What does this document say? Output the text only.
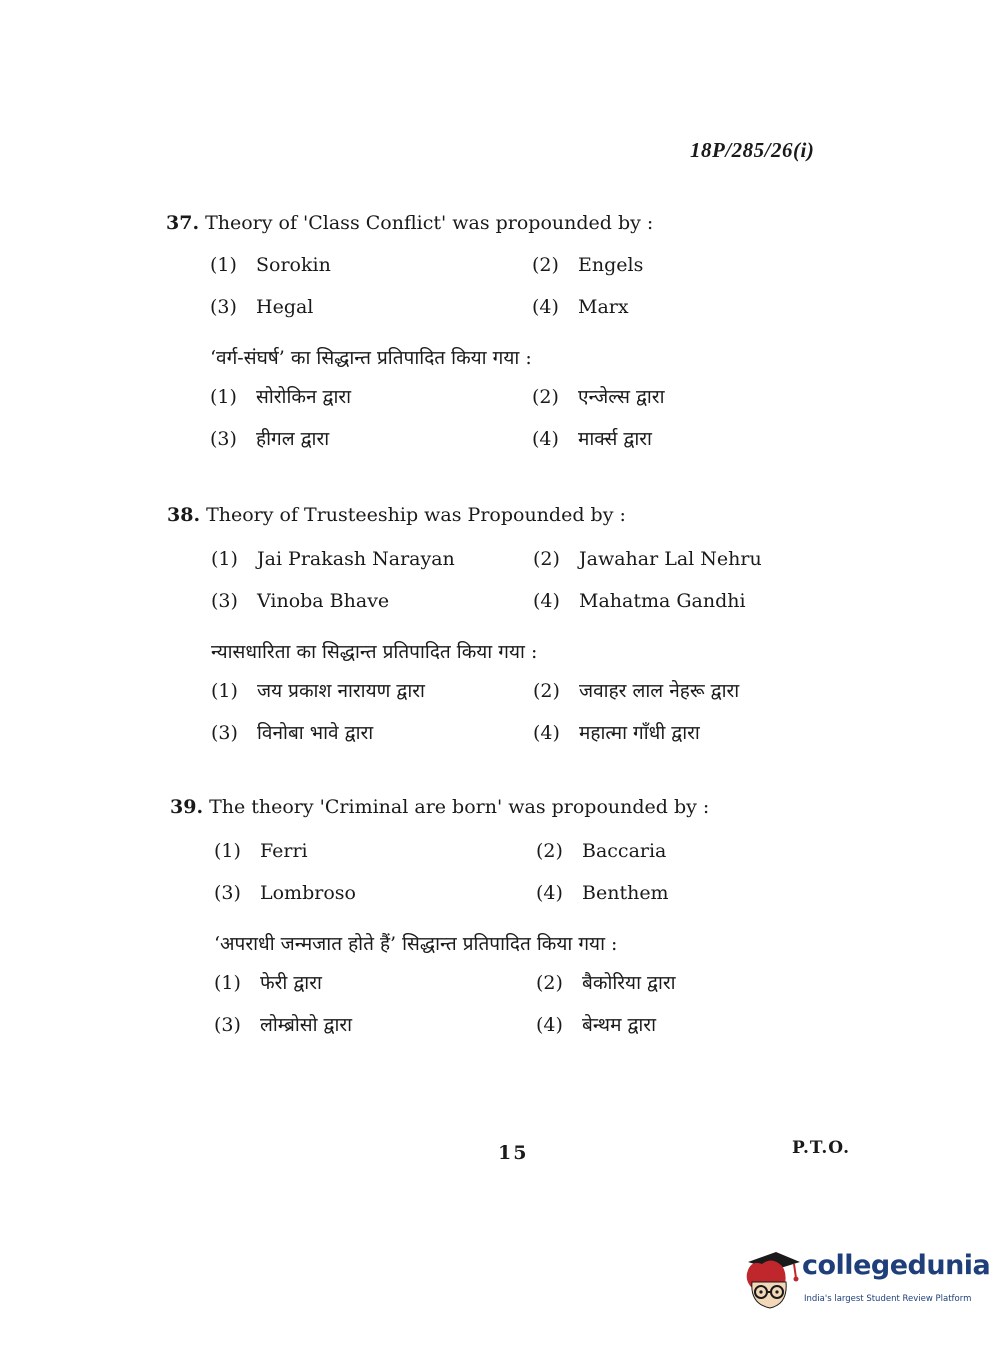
18P/285/26(i)
37. Theory of 'Class Conflict' was propounded by :
(1) Sorokin	(2) Engels
(3) Hegal	(4) Marx
‘वर्ग-संघर्ष’ का सिद्धान्त प्रतिपादित किया गया :
(1) सोरोकिन द्वारा	(2) एन्जेल्स द्वारा
(3) हीगल द्वारा	(4) मार्क्स द्वारा
38. Theory of Trusteeship was Propounded by :
(1) Jai Prakash Narayan	(2) Jawahar Lal Nehru
(3) Vinoba Bhave	(4) Mahatma Gandhi
न्यासधारिता का सिद्धान्त प्रतिपादित किया गया :
(1) जय प्रकाश नारायण द्वारा	(2) जवाहर लाल नेहरू द्वारा
(3) विनोबा भावे द्वारा	(4) महात्मा गाँधी द्वारा
39. The theory 'Criminal are born' was propounded by :
(1) Ferri	(2) Baccaria
(3) Lombroso	(4) Benthem
‘अपराधी जन्मजात होते हैं’ सिद्धान्त प्रतिपादित किया गया :
(1) फेरी द्वारा	(2) बैकोरिया द्वारा
(3) लोम्ब्रोसो द्वारा	(4) बेन्थम द्वारा
15	P.T.O.
collegedunia
India's largest Student Review Platform
